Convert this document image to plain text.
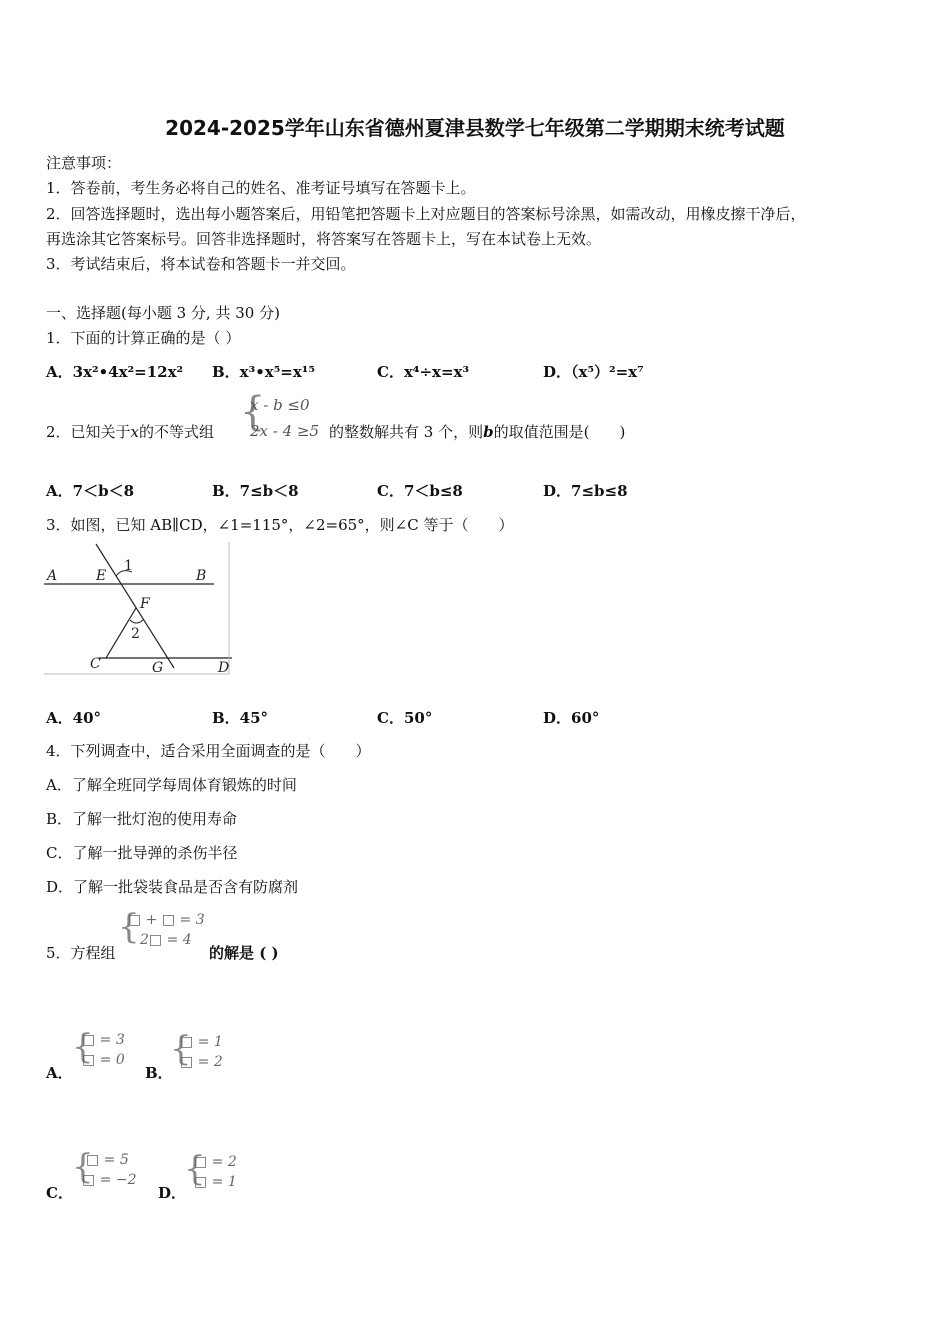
2024-2025学年山东省德州夏津县数学七年级第二学期期末统考试题
注意事项：
1．答卷前，考生务必将自己的姓名、准考证号填写在答题卡上。
2．回答选择题时，选出每小题答案后，用铅笔把答题卡上对应题目的答案标号涂黑，如需改动，用橡皮擦干净后，
再选涂其它答案标号。回答非选择题时，将答案写在答题卡上，写在本试卷上无效。
3．考试结束后，将本试卷和答题卡一并交回。
一、选择题(每小题 3 分, 共 30 分)
1．下面的计算正确的是（ ）
A．3x²•4x²=12x² B．x³•x⁵=x¹⁵	C．x⁴÷x=x³	D．（x⁵）²=x⁷
2．已知关于x的不等式组 {
x - b ≤0
2x - 4 ≥5 的整数解共有 3 个，则b的取值范围是(　　)
A．7＜b＜8	B．7≤b＜8	C．7＜b≤8	D．7≤b≤8
3．如图，已知 AB∥CD，∠1=115°，∠2=65°，则∠C 等于（　　）
A	E
1
B
F
2
C	G	D
A．40°	B．45°	C．50°	D．60°
4．下列调查中，适合采用全面调查的是（　　）
A．了解全班同学每周体育锻炼的时间
B．了解一批灯泡的使用寿命
C．了解一批导弹的杀伤半径
D．了解一批袋装食品是否含有防腐剂
5．方程组
{
□ + □ = 3
2□ = 4
的解是 ( )
A．
{
□ = 3
□ = 0
B．
{
□ = 1
□ = 2
C．
{
□ = 5
□ = −2
D．
{
□ = 2
□ = 1
